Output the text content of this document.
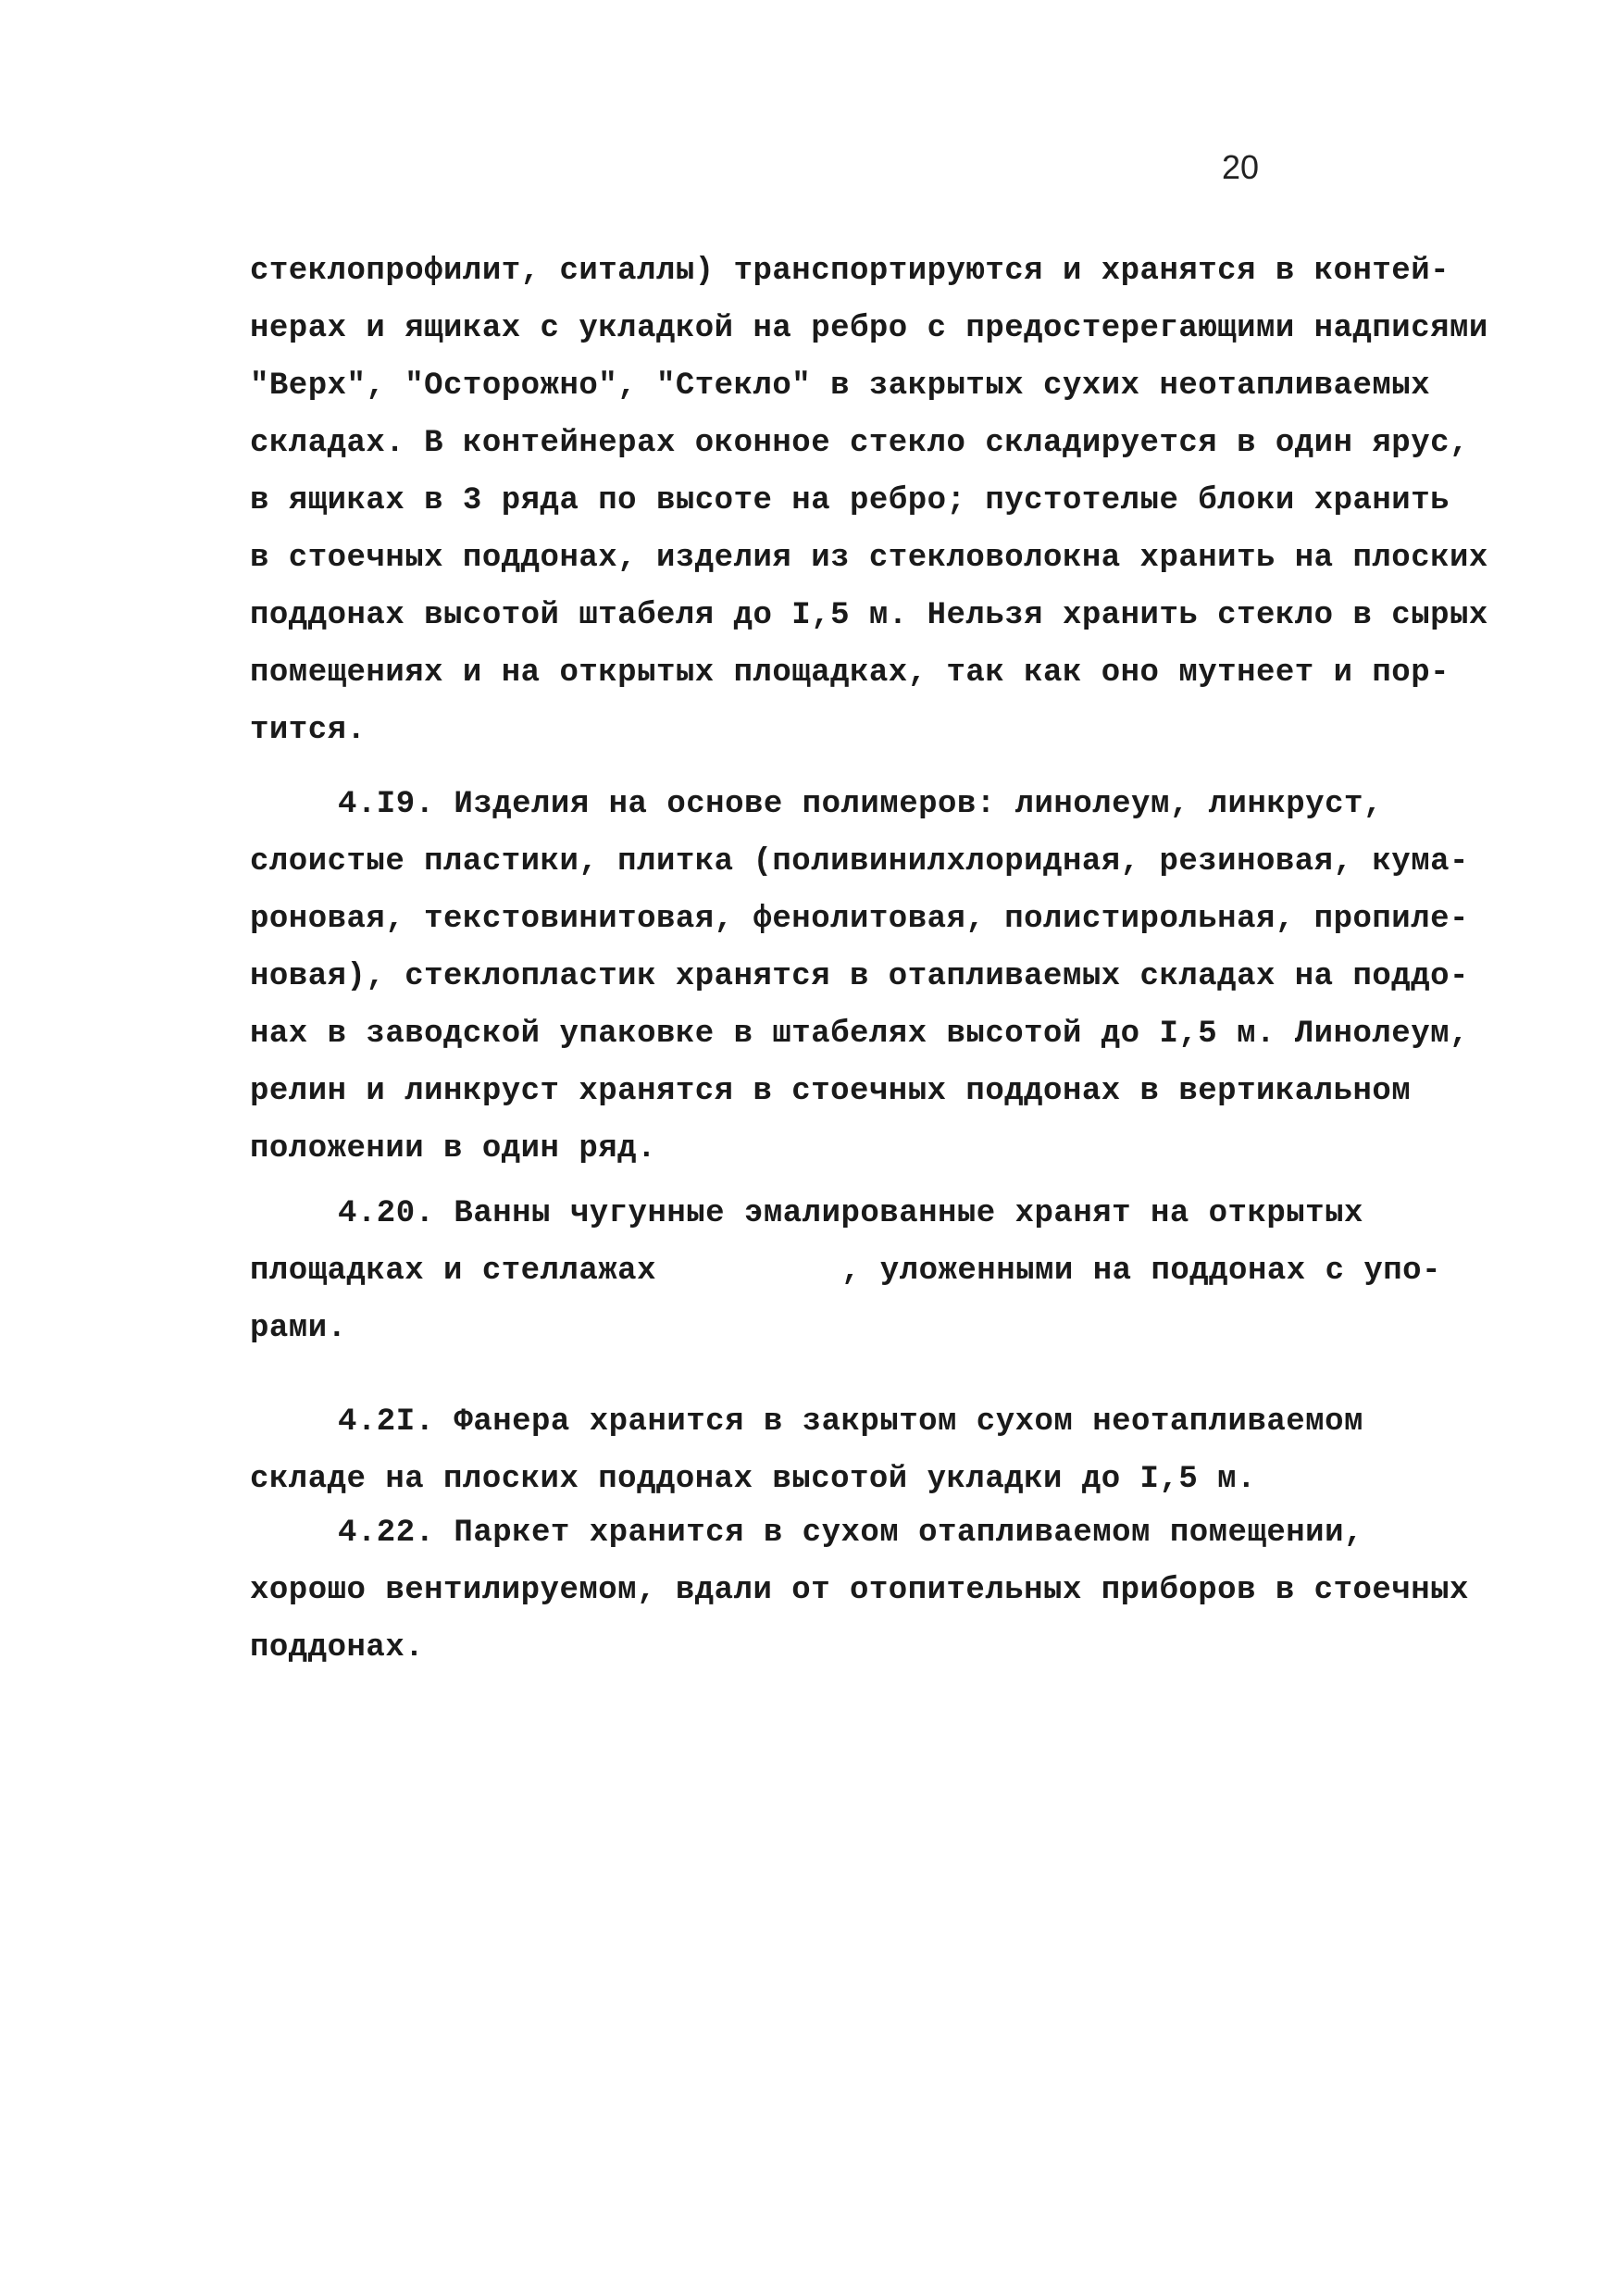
20
стеклопрофилит, ситаллы) транспортируются и хранятся в контей-
нерах и ящиках с укладкой на ребро с предостерегающими надписями
"Верх", "Осторожно", "Стекло" в закрытых сухих неотапливаемых
складах. В контейнерах оконное стекло складируется в один ярус,
в ящиках в 3 ряда по высоте на ребро; пустотелые блоки хранить
в стоечных поддонах, изделия из стекловолокна хранить на плоских
поддонах высотой штабеля до I,5 м. Нельзя хранить стекло в сырых
помещениях и на открытых площадках, так как оно мутнеет и пор-
тится.
4.I9. Изделия на основе полимеров: линолеум, линкруст,
слоистые пластики, плитка (поливинилхлоридная, резиновая, кума-
роновая, текстовинитовая, фенолитовая, полистирольная, пропиле-
новая), стеклопластик хранятся в отапливаемых складах на поддо-
нах в заводской упаковке в штабелях высотой до I,5 м. Линолеум,
релин и линкруст хранятся в стоечных поддонах в вертикальном
положении в один ряд.
4.20. Ванны чугунные эмалированные хранят на открытых
площадках и стеллажах	, уложенными на поддонах с упо-
рами.
4.2I. Фанера хранится в закрытом сухом неотапливаемом
складе на плоских поддонах высотой укладки до I,5 м.
4.22. Паркет хранится в сухом отапливаемом помещении,
хорошо вентилируемом, вдали от отопительных приборов в стоечных
поддонах.
